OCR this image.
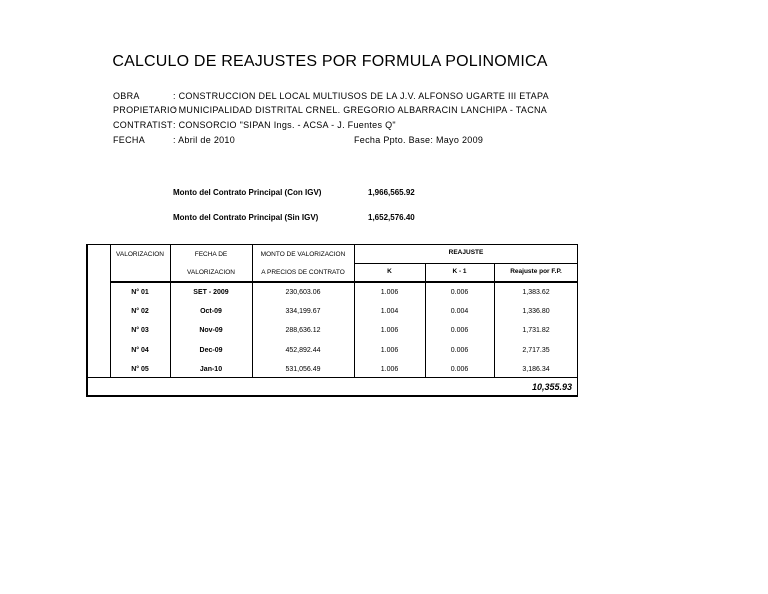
CALCULO DE REAJUSTES POR FORMULA POLINOMICA
OBRA	: CONSTRUCCION DEL LOCAL MULTIUSOS DE LA J.V. ALFONSO UGARTE III ETAPA
PROPIETARIO: MUNICIPALIDAD DISTRITAL CRNEL. GREGORIO ALBARRACIN LANCHIPA - TACNA
CONTRATIST: CONSORCIO "SIPAN Ings. - ACSA - J. Fuentes Q"
FECHA	: Abril de 2010	Fecha Ppto. Base: Mayo 2009
Monto del Contrato Principal (Con IGV)	1,966,565.92
Monto del Contrato Principal (Sin IGV)	1,652,576.40
VALORIZACION	FECHA DE
VALORIZACION
MONTO DE VALORIZACION
A PRECIOS DE CONTRATO
REAJUSTE
K	K - 1	Reajuste por F.P.
N° 01	SET - 2009	230,603.06	1.006	0.006	1,383.62
N° 02	Oct-09	334,199.67	1.004	0.004	1,336.80
N° 03	Nov-09	288,636.12	1.006	0.006	1,731.82
N° 04	Dec-09	452,892.44	1.006	0.006	2,717.35
N° 05	Jan-10	531,056.49	1.006	0.006	3,186.34
10,355.93
